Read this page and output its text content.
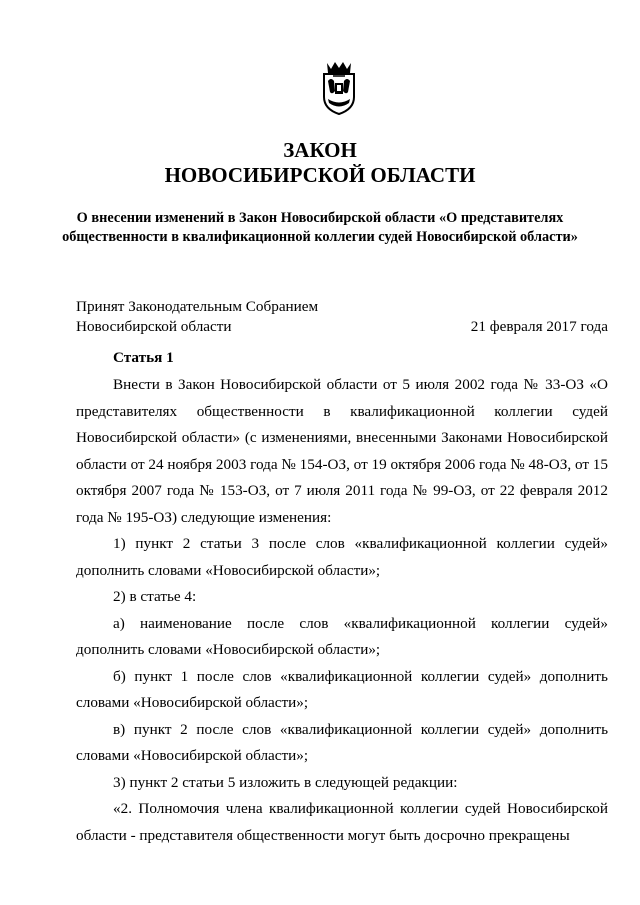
ЗАКОН
НОВОСИБИРСКОЙ ОБЛАСТИ
О внесении изменений в Закон Новосибирской области «О представителях общественности в квалификационной коллегии судей Новосибирской области»
Принят Законодательным Собранием
Новосибирской области	21 февраля 2017 года
Статья 1

Внести в Закон Новосибирской области от 5 июля 2002 года № 33-ОЗ «О представителях общественности в квалификационной коллегии судей Новосибирской области» (с изменениями, внесенными Законами Новосибирской области от 24 ноября 2003 года № 154-ОЗ, от 19 октября 2006 года № 48-ОЗ, от 15 октября 2007 года № 153-ОЗ, от 7 июля 2011 года № 99-ОЗ, от 22 февраля 2012 года № 195-ОЗ) следующие изменения:

1) пункт 2 статьи 3 после слов «квалификационной коллегии судей» дополнить словами «Новосибирской области»;

2) в статье 4:

а) наименование после слов «квалификационной коллегии судей» дополнить словами «Новосибирской области»;

б) пункт 1 после слов «квалификационной коллегии судей» дополнить словами «Новосибирской области»;

в) пункт 2 после слов «квалификационной коллегии судей» дополнить словами «Новосибирской области»;

3) пункт 2 статьи 5 изложить в следующей редакции:

«2. Полномочия члена квалификационной коллегии судей Новосибирской области - представителя общественности могут быть досрочно прекращены
